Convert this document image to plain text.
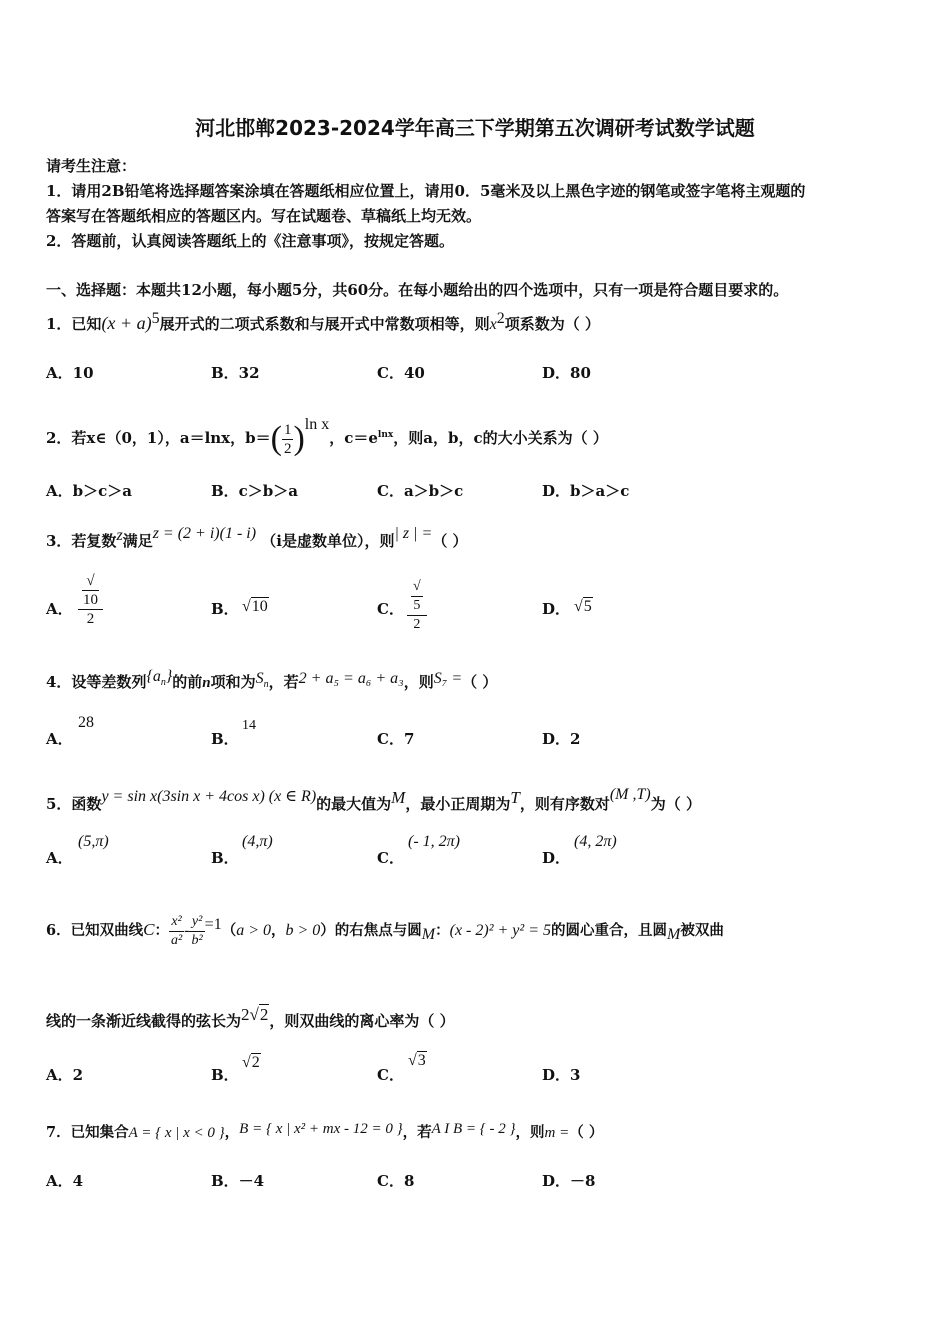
河北邯郸2023-2024学年高三下学期第五次调研考试数学试题
请考生注意：
1．请用2B铅笔将选择题答案涂填在答题纸相应位置上，请用0．5毫米及以上黑色字迹的钢笔或签字笔将主观题的
答案写在答题纸相应的答题区内。写在试题卷、草稿纸上均无效。
2．答题前，认真阅读答题纸上的《注意事项》，按规定答题。
一、选择题：本题共12小题，每小题5分，共60分。在每小题给出的四个选项中，只有一项是符合题目要求的。
1．已知$(x + a)^5$展开式的二项式系数和与展开式中常数项相等，则$x^2$项系数为（ ）
A．10	B．32	C．40	D．80
2．若x∈（0，1），a＝lnx，$b=( \frac{1}{2} )^{ln x}$，$c=e^{lnx}$，则a，b，c的大小关系为（ ）
A．b＞c＞a	B．c＞b＞a	C．a＞b＞c	D．b＞a＞c
3．若复数$^z$满足z = (2 + i)(1 - i) （i是虚数单位），则| z | =（ ）
A． √
10
2	B． √10	C． √
5
2	D． √5
4．设等差数列$\{a_n\}$的前n项和为$S_n$，若2 + a₅ = a₆ + a₃，则S₇ =（ ）
A．
28
B．
14
C．7	D．2
5．函数y = sin x(3sin x + 4cos x) (x ∈ R)的最大值为M，最小正周期为T，则有序数对(M ,T)为（ ）
A．
(5,π)
B．
(4,π)
C．
(- 1, 2π)
D．
(4, 2π)
6．已知双曲线C： $\frac{\text{x²}}{\text{a²}} - \frac{\text{y²}}{\text{b²}} =1(a > 0$，b > 0）的右焦点与圆M：(x - 2)² + y² = 5的圆心重合，且圆M被双曲
线的一条渐近线截得的弦长为2√2，则双曲线的离心率为（ ）
A．2	B．
√2
C．
√3
D．3
7．已知集合A = { x | x < 0 }，B = { x | x² + mx - 12 = 0 }，若A I B = { - 2 }，则m =（ ）
A．4	B．－4	C．8	D．－8
